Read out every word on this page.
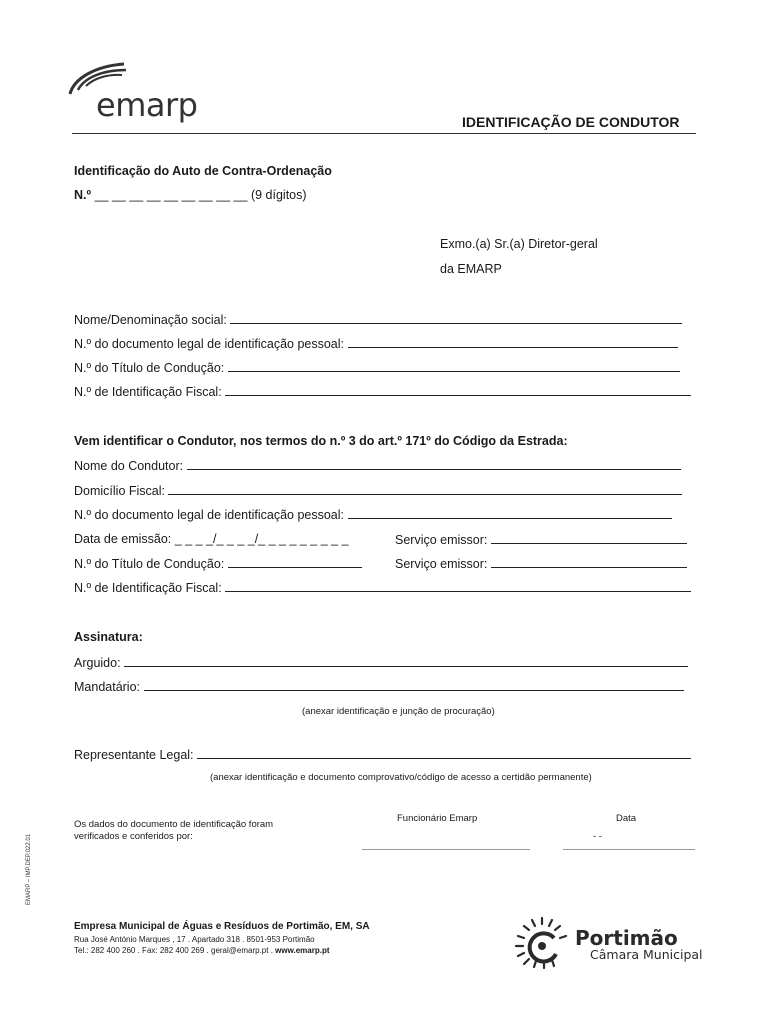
emarp	IDENTIFICAÇÃO DE CONDUTOR
Identificação do Auto de Contra-Ordenação
N.º __ __ __ __ __ __ __ __ __ (9 dígitos)
Exmo.(a) Sr.(a) Diretor-geral
da EMARP
Nome/Denominação social:
N.º do documento legal de identificação pessoal:
N.º do Título de Condução:
N.º de Identificação Fiscal:
Vem identificar o Condutor, nos termos do n.º 3 do art.º 171º do Código da Estrada:
Nome do Condutor:
Domicílio Fiscal:
N.º do documento legal de identificação pessoal:
Data de emissão: _ _ _ _/_ _ _ _/_ _ _ _ _ _ _ _ _	Serviço emissor:
N.º do Título de Condução:	Serviço emissor:
N.º de Identificação Fiscal:
Assinatura:
Arguido:
Mandatário:
(anexar identificação e junção de procuração)
Representante Legal:
(anexar identificação e documento comprovativo/código de acesso a certidão permanente)
Os dados do documento de identificação foram
verificados e conferidos por:
Funcionário Emarp	Data
- -
EMARP – IMP.DEP.022.01
Empresa Municipal de Águas e Resíduos de Portimão, EM, SA
Rua José António Marques , 17 . Apartado 318 . 8501-953 Portimão
Tel.: 282 400 260 . Fax: 282 400 269 . geral@emarp.pt . www.emarp.pt
Portimão
Câmara Municipal
